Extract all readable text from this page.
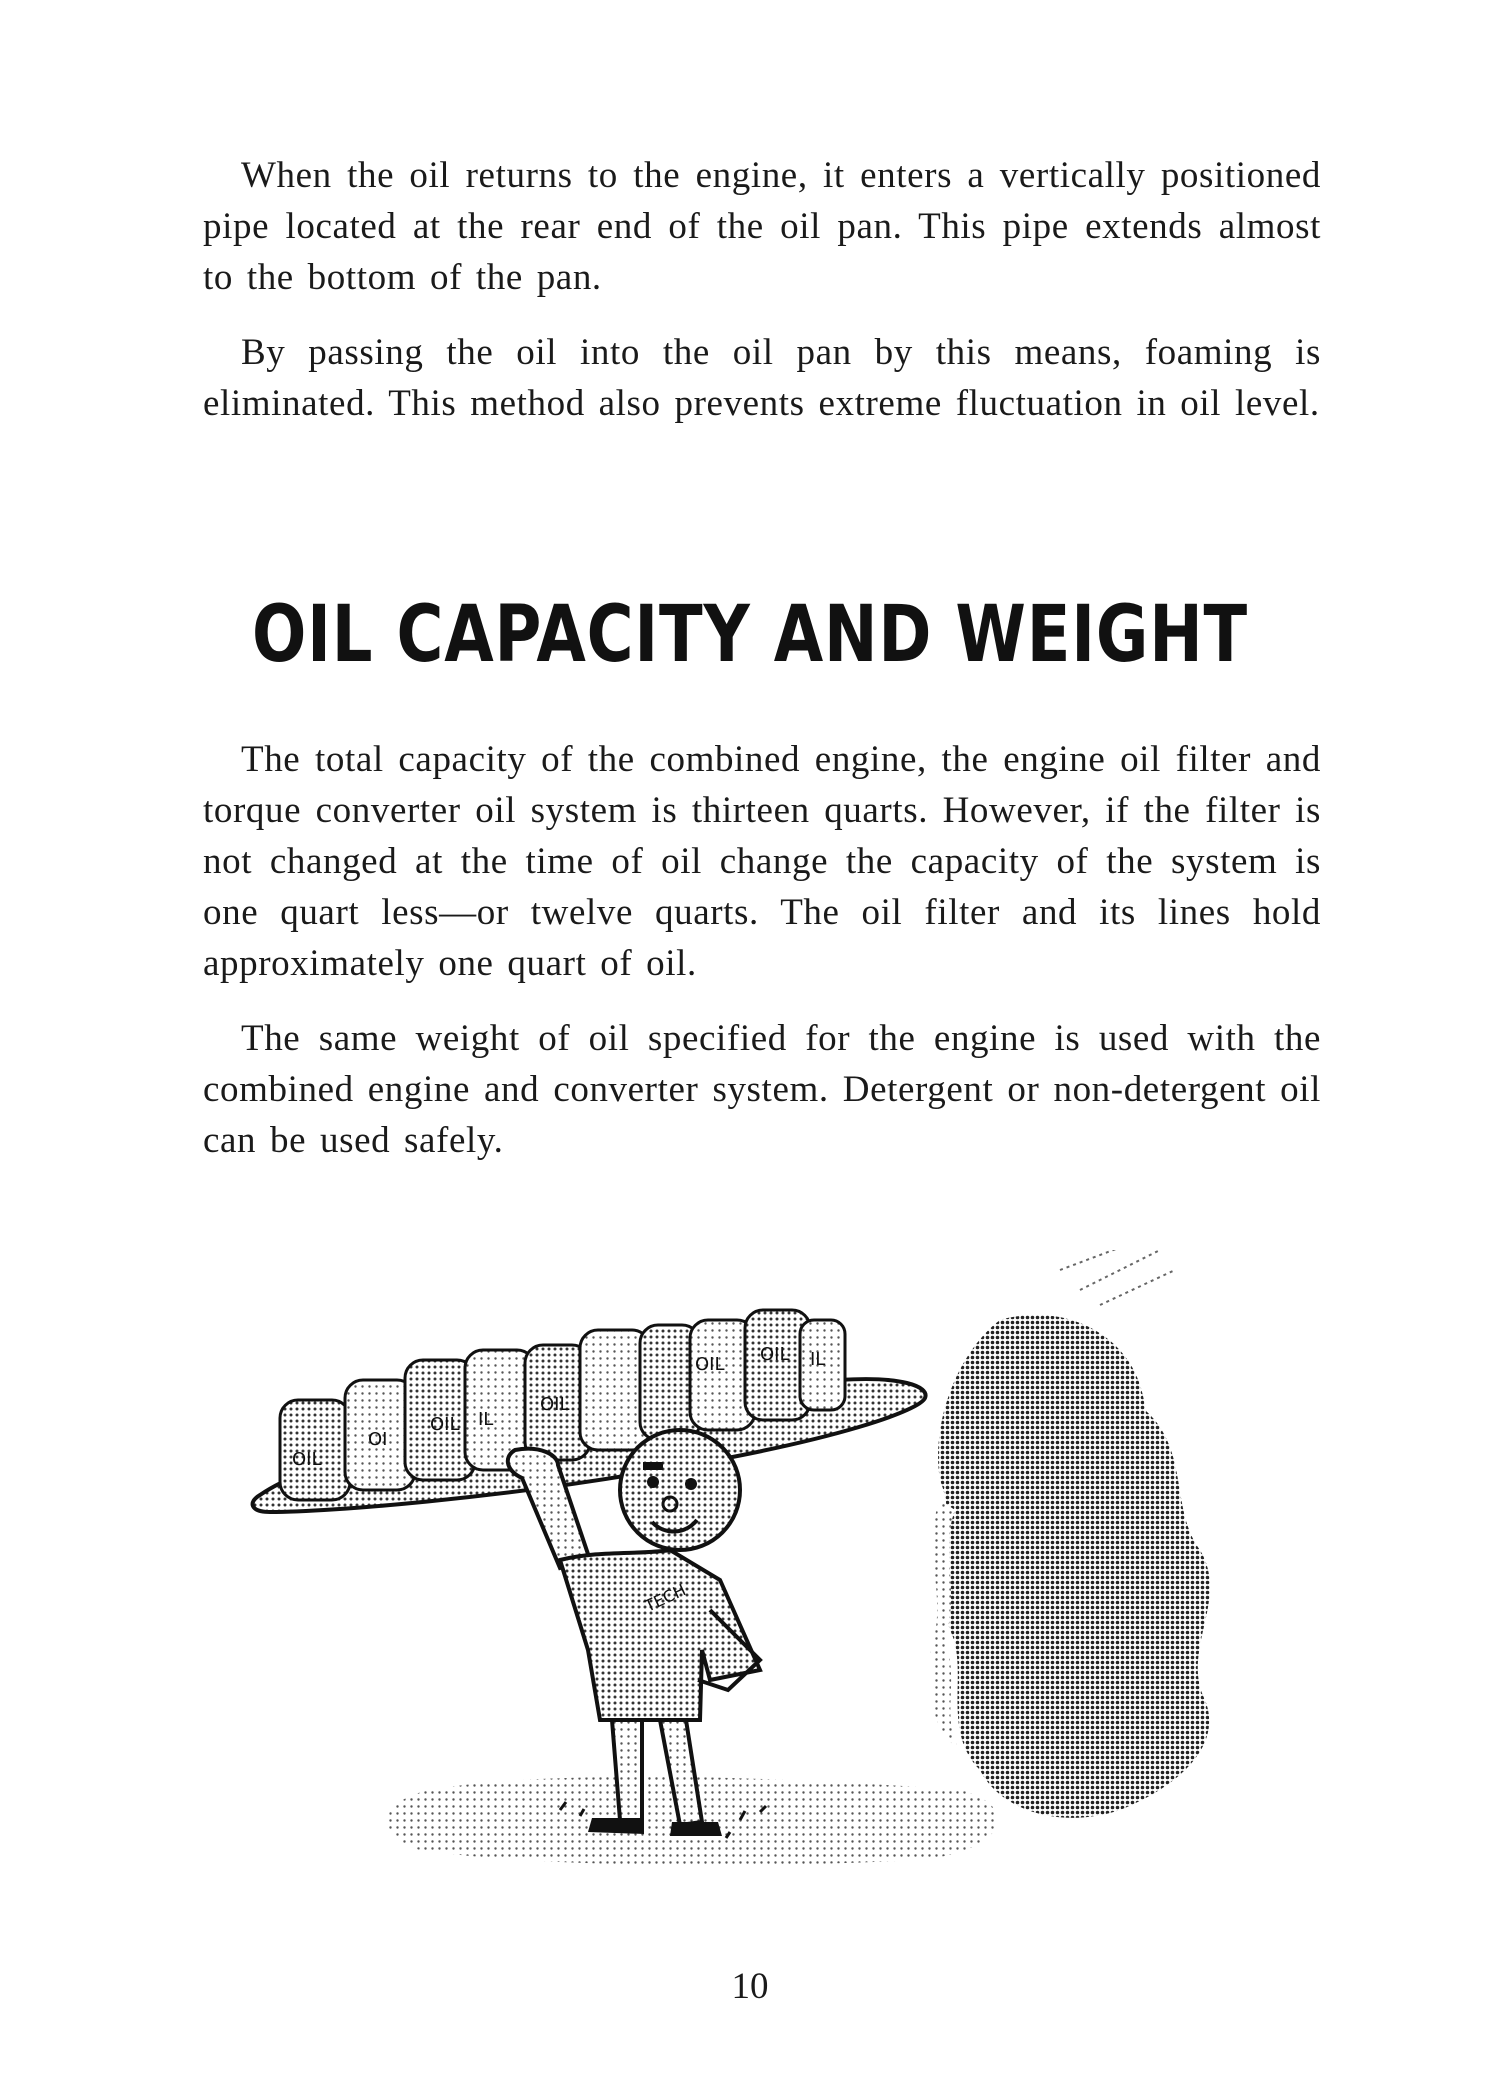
When the oil returns to the engine, it enters a vertically positioned pipe located at the rear end of the oil pan. This pipe extends almost to the bottom of the pan.

By passing the oil into the oil pan by this means, foaming is eliminated. This method also prevents extreme fluctuation in oil level.

OIL CAPACITY AND WEIGHT

The total capacity of the combined engine, the engine oil filter and torque converter oil system is thirteen quarts. However, if the filter is not changed at the time of oil change the capacity of the system is one quart less—or twelve quarts. The oil filter and its lines hold approximately one quart of oil.

The same weight of oil specified for the engine is used with the combined engine and converter system. Detergent or non-detergent oil can be used safely.

OIL
OI
OIL IL
OIL
OIL OIL IL
TECH

10
